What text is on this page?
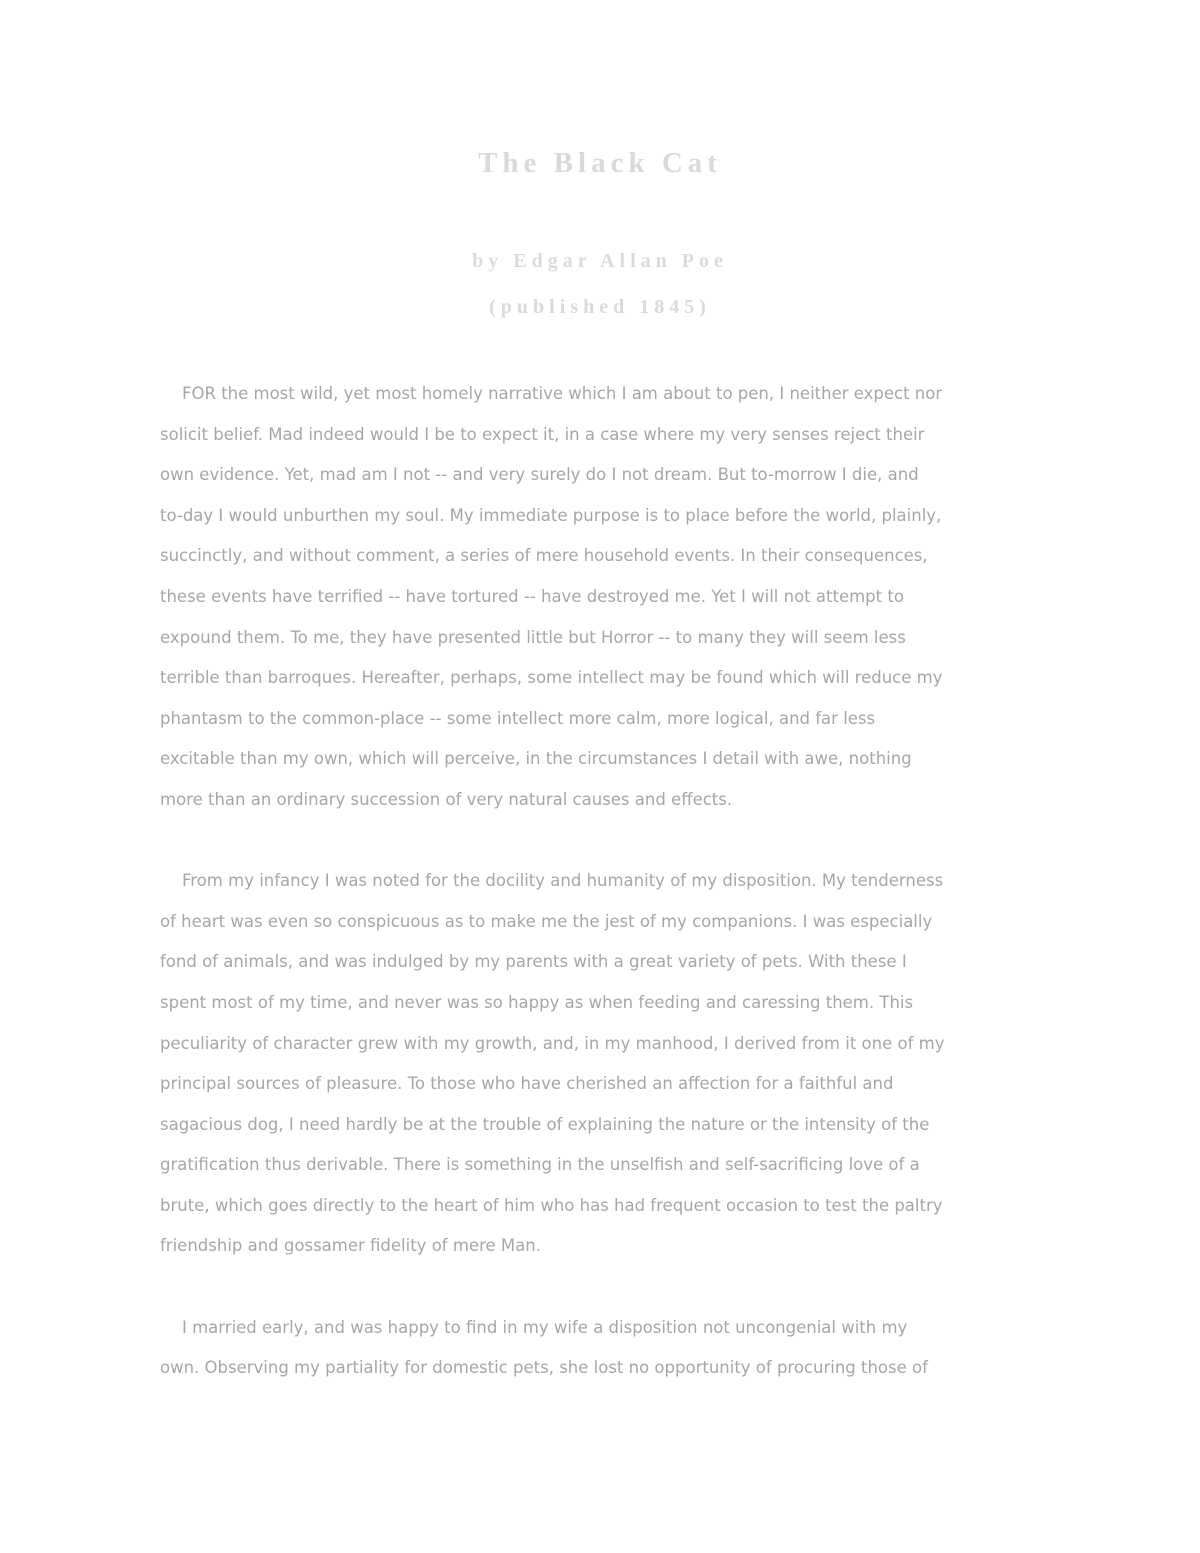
The Black Cat
by Edgar Allan Poe
(published 1845)
FOR the most wild, yet most homely narrative which I am about to pen, I neither expect nor
solicit belief. Mad indeed would I be to expect it, in a case where my very senses reject their
own evidence. Yet, mad am I not -- and very surely do I not dream. But to-morrow I die, and
to-day I would unburthen my soul. My immediate purpose is to place before the world, plainly,
succinctly, and without comment, a series of mere household events. In their consequences,
these events have terrified -- have tortured -- have destroyed me. Yet I will not attempt to
expound them. To me, they have presented little but Horror -- to many they will seem less
terrible than barroques. Hereafter, perhaps, some intellect may be found which will reduce my
phantasm to the common-place -- some intellect more calm, more logical, and far less
excitable than my own, which will perceive, in the circumstances I detail with awe, nothing
more than an ordinary succession of very natural causes and effects.
From my infancy I was noted for the docility and humanity of my disposition. My tenderness
of heart was even so conspicuous as to make me the jest of my companions. I was especially
fond of animals, and was indulged by my parents with a great variety of pets. With these I
spent most of my time, and never was so happy as when feeding and caressing them. This
peculiarity of character grew with my growth, and, in my manhood, I derived from it one of my
principal sources of pleasure. To those who have cherished an affection for a faithful and
sagacious dog, I need hardly be at the trouble of explaining the nature or the intensity of the
gratification thus derivable. There is something in the unselfish and self-sacrificing love of a
brute, which goes directly to the heart of him who has had frequent occasion to test the paltry
friendship and gossamer fidelity of mere Man.
I married early, and was happy to find in my wife a disposition not uncongenial with my
own. Observing my partiality for domestic pets, she lost no opportunity of procuring those of
